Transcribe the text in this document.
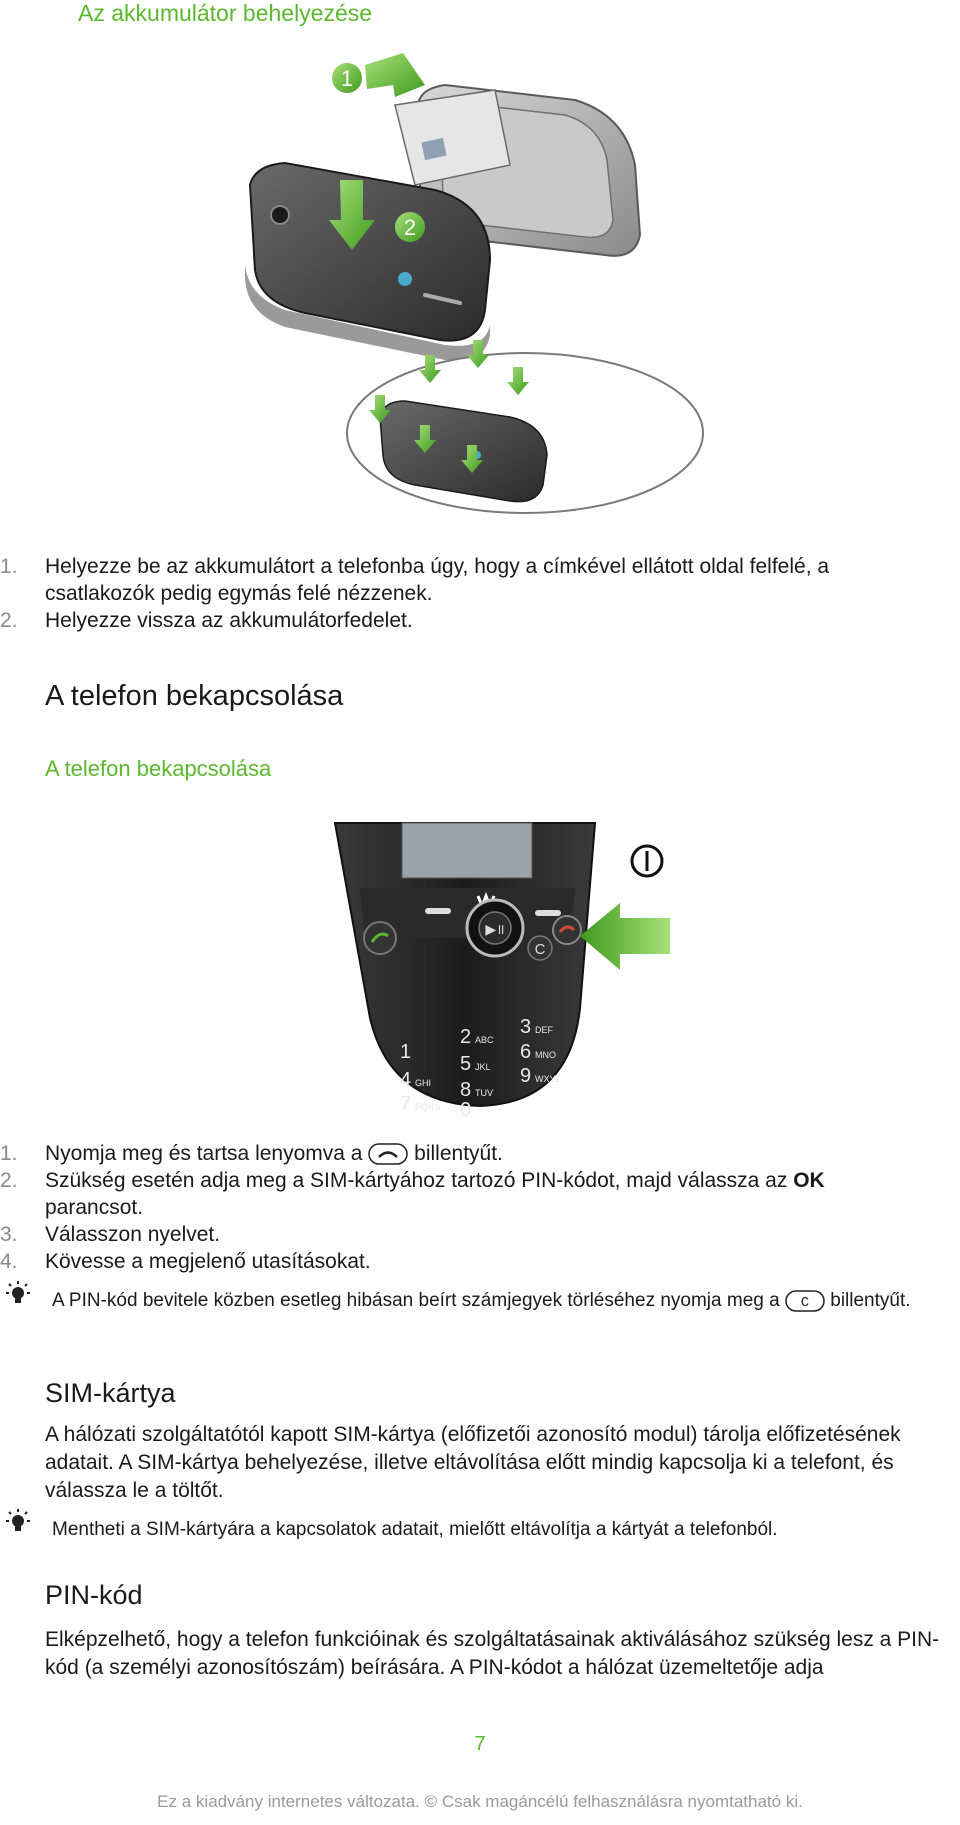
Az akkumulátor behelyezése
1
2
1.	Helyezze be az akkumulátort a telefonba úgy, hogy a címkével ellátott oldal felfelé, a csatlakozók pedig egymás felé nézzenek.
2.	Helyezze vissza az akkumulátorfedelet.
A telefon bekapcsolása
A telefon bekapcsolása
▶॥
C
1
2 ABC
3 DEF
4 GHI
5 JKL
6 MNO
7 PQRS
8 TUV
9 WXYZ
0
1.	Nyomja meg és tartsa lenyomva a billentyűt.
2.	Szükség esetén adja meg a SIM-kártyához tartozó PIN-kódot, majd válassza az OK parancsot.
3.	Válasszon nyelvet.
4.	Kövesse a megjelenő utasításokat.
A PIN-kód bevitele közben esetleg hibásan beírt számjegyek törléséhez nyomja meg a C billentyűt.
SIM-kártya
A hálózati szolgáltatótól kapott SIM-kártya (előfizetői azonosító modul) tárolja előfizetésének adatait. A SIM-kártya behelyezése, illetve eltávolítása előtt mindig kapcsolja ki a telefont, és válassza le a töltőt.
Mentheti a SIM-kártyára a kapcsolatok adatait, mielőtt eltávolítja a kártyát a telefonból.
PIN-kód
Elképzelhető, hogy a telefon funkcióinak és szolgáltatásainak aktiválásához szükség lesz a PIN-kód (a személyi azonosítószám) beírására. A PIN-kódot a hálózat üzemeltetője adja
7
Ez a kiadvány internetes változata. © Csak magáncélú felhasználásra nyomtatható ki.
